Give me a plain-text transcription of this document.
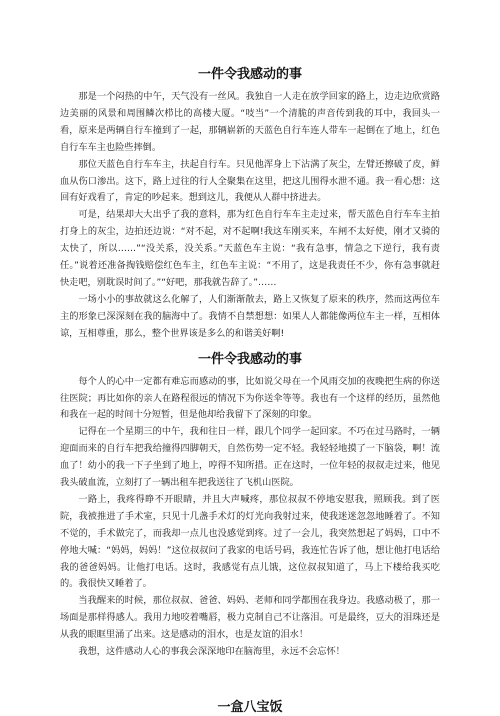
一件令我感动的事

那是一个闷热的中午，天气没有一丝风。我独自一人走在放学回家的路上，边走边欣赏路边美丽的风景和周围鳞次栉比的高楼大厦。“吱当”一个清脆的声音传到我的耳中，我回头一看，原来是两辆自行车撞到了一起，那辆崭新的天蓝色自行车连人带车一起倒在了地上，红色自行车车主也险些摔倒。

那位天蓝色自行车车主，扶起自行车。只见他浑身上下沾满了灰尘，左臂还擦破了皮，鲜血从伤口渗出。这下，路上过往的行人全聚集在这里，把这儿围得水泄不通。我一看心想：这回有好戏看了，肯定的吵起来。想到这儿，我便从人群中挤进去。

可是，结果却大大出乎了我的意料，那为红色自行车车主走过来，帮天蓝色自行车车主拍打身上的灰尘，边拍还边说：“对不起，对不起啊!我这车刚买来，车闸不太好使，刚才又骑的太快了，所以……”“没关系，没关系。”天蓝色车主说：“我有急事，情急之下逆行，我有责任。”说着还准备掏钱赔偿红色车主，红色车主说：“不用了，这是我责任不少，你有急事就赶快走吧，别耽误时间了。”“好吧，那我就告辞了。”……

一场小小的事故就这么化解了，人们渐渐散去，路上又恢复了原来的秩序，然而这两位车主的形象已深深刻在我的脑海中了。我情不自禁想想：如果人人都能像两位车主一样，互相体谅，互相尊重，那么，整个世界该是多么的和谐美好啊!

一件令我感动的事

每个人的心中一定都有难忘而感动的事，比如说父母在一个风雨交加的夜晚把生病的你送往医院；再比如你的亲人在路程很远的情况下为你送伞等等。我也有一个这样的经历，虽然他和我在一起的时间十分短暂，但是他却给我留下了深刻的印象。

记得在一个星期三的中午，我和往日一样，跟几个同学一起回家。不巧在过马路时，一辆迎面而来的自行车把我给撞得四脚朝天，自然伤势一定不轻。我轻轻地摸了一下脑袋，啊！流血了！幼小的我一下子坐到了地上，哼得不知所措。正在这时，一位年轻的叔叔走过来，他见我头破血流，立刻打了一辆出租车把我送往了飞机山医院。

一路上，我疼得睁不开眼睛，并且大声喊疼，那位叔叔不停地安慰我，照顾我。到了医院，我被推进了手术室，只见十几盏手术灯的灯光向我射过来，使我迷迷忽忽地睡着了。不知不觉的，手术做完了，而我却一点儿也没感觉到疼。过了一会儿，我突然想起了妈妈，口中不停地大喊：“妈妈，妈妈！”这位叔叔问了我家的电话号码，我连忙告诉了他，想让他打电话给我的爸爸妈妈。让他打电话。这时，我感觉有点儿饿，这位叔叔知道了，马上下楼给我买吃的。我很快又睡着了。

当我醒来的时候，那位叔叔、爸爸、妈妈、老师和同学都围在我身边。我感动极了，那一场面是那样得感人。我用力地咬着嘴唇，极力克制自己不让落泪。可是最终，豆大的泪珠还是从我的眼眶里涌了出来。这是感动的泪水，也是友谊的泪水！

我想，这件感动人心的事我会深深地印在脑海里，永远不会忘怀！

一盒八宝饭
